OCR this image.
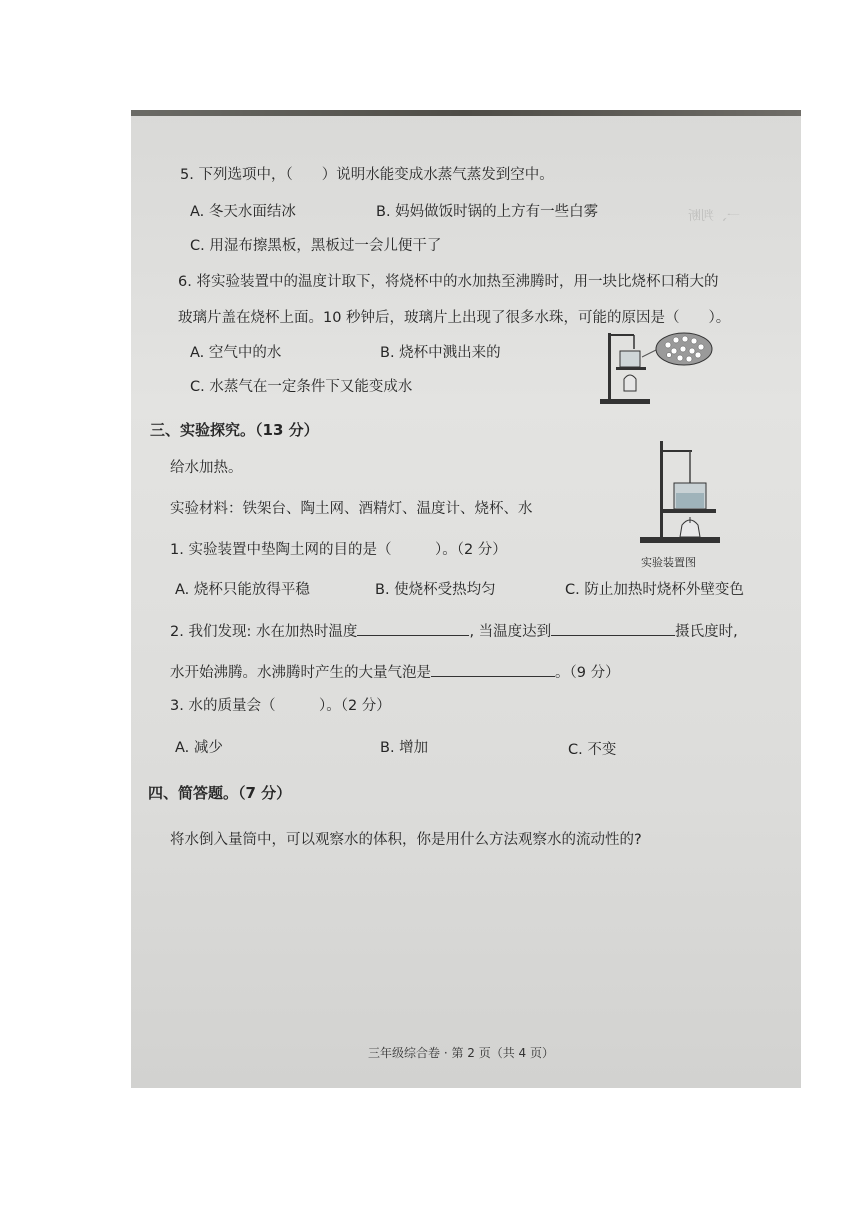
一、判断

5. 下列选项中，（　　）说明水能变成水蒸气蒸发到空中。
A. 冬天水面结冰	B. 妈妈做饭时锅的上方有一些白雾
C. 用湿布擦黑板，黑板过一会儿便干了
6. 将实验装置中的温度计取下，将烧杯中的水加热至沸腾时，用一块比烧杯口稍大的
玻璃片盖在烧杯上面。10 秒钟后，玻璃片上出现了很多水珠，可能的原因是（　　）。
A. 空气中的水	B. 烧杯中溅出来的
C. 水蒸气在一定条件下又能变成水
三、实验探究。（13 分）
给水加热。
实验材料：铁架台、陶土网、酒精灯、温度计、烧杯、水
实验装置图
1. 实验装置中垫陶土网的目的是（　　　）。（2 分）
A. 烧杯只能放得平稳	B. 使烧杯受热均匀	C. 防止加热时烧杯外壁变色
2. 我们发现: 水在加热时温度	, 当温度达到	摄氏度时,
水开始沸腾。水沸腾时产生的大量气泡是	。（9 分）
3. 水的质量会（　　　）。（2 分）
A. 减少	B. 增加	C. 不变
四、简答题。（7 分）
将水倒入量筒中，可以观察水的体积，你是用什么方法观察水的流动性的?
三年级综合卷 · 第 2 页（共 4 页）
